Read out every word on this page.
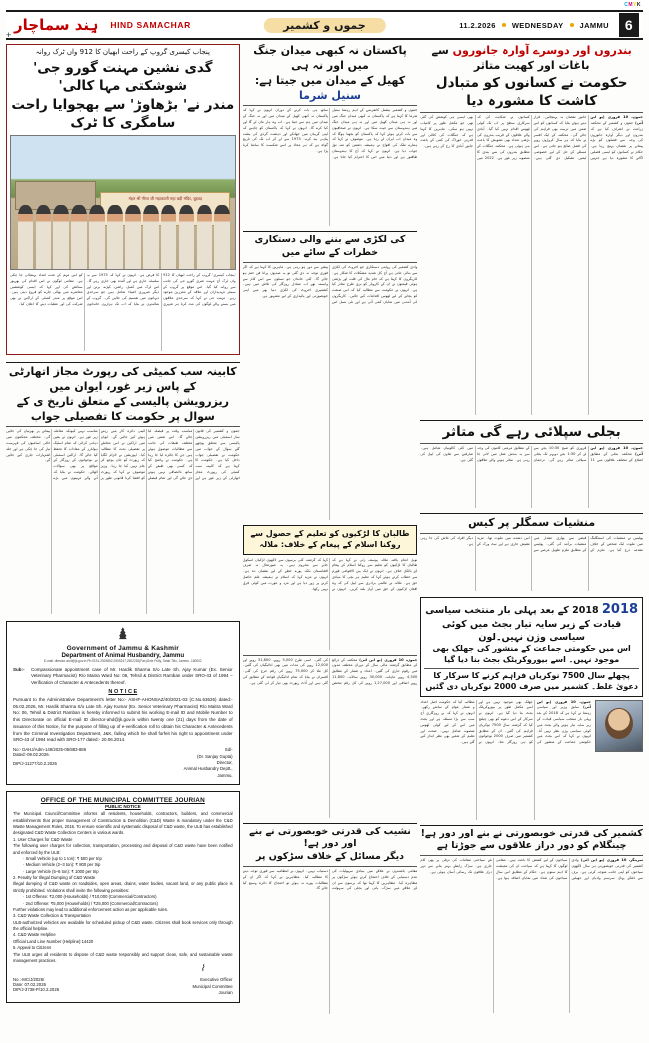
+
CMYK
ہِند سماچار HIND SAMACHAR	جموں و کشمیر	11.2.2026 WEDNESDAY JAMMU	6
پنجاب کیسری گروپ کے راحت ابھیان کا 912 واں ٹرک روانہ
گدی نشین مہنت گورو جی' شوشکتی مہا کالی'
مندر نے' بڑھاوڑ' سے بھجوایا راحت سامگری کا ٹرک
मंहत श्री गौरव जी महाकाली महा बड़ी मंदिर, बुड़वड़
'پنجاب کیسری' گروپ کے راحت ابھیان کا 912 واں ٹرک آج مہنت شری گورو جی کی جانب سے روانہ کیا گیا۔ اس موقع پر گروپ کے سینئر عہدیداران اور علاقہ کے معززین موجود رہے۔ مہنت جی نے کہا کہ سرحدی علاقوں میں بسنے والے لوگوں کی مدد کرنا ہر شہری کا فرض ہے۔ انہوں نے کہا کہ 1975 سے یہ سلسلہ جاری ہے اور آئندہ بھی جاری رہے گا۔ اس ٹرک میں کمبل، راشن، کپڑے، برتن اور دیگر ضروری اشیاء شامل ہیں جو سرحدی دیہاتوں میں تقسیم کی جائیں گی۔ گروپ کے نمائندوں نے بتایا کہ اب تک ہزاروں خاندانوں کو اس مہم کے تحت امداد پہنچائی جا چکی ہے۔ مقامی لوگوں نے اس اقدام کی بھرپور ستائش کی اور کہا کہ ایسی کوششیں معاشرے میں بھائی چارے کو فروغ دیتی ہیں۔ اس موقع پر مندر کمیٹی کے اراکین نے بھی شرکت کی اور عطیات دینے کا اعلان کیا۔
کابینہ سب کمیٹی کی رپورٹ مجاز اتھارٹی کے پاس زیر غور، ایوان میں
ریزرویشن پالیسی کے متعلق تاریخ ی کے سوال پر حکومت کا تفصیلی جواب
جموں و کشمیر کی قانون ساز اسمبلی میں ریزرویشن پالیسی سے متعلق پوچھے گئے سوال کے جواب میں حکومت نے تفصیلی جواب داخل کیا ہے۔ حکومت کا کہنا ہے کہ کابینہ سب کمیٹی کی رپورٹ مجاز اتھارٹی کے زیر غور ہے اور مناسب وقت پر فیصلہ لیا جائے گا۔ اس ضمن میں مختلف طبقات کی جانب سے مطالبات موصول ہوئے ہیں جن کا جائزہ لیا جا رہا ہے۔ حکومت نے واضح کیا کہ کسی بھی طبقے کے ساتھ ناانصافی نہیں ہونے دی جائے گی اور تمام فیصلے آئینی دائرہ کار میں رہتے ہوئے کیے جائیں گے۔ ایوان میں اراکین نے اس معاملے پر تفصیلی بحث کا مطالبہ کیا۔ اپوزیشن نے الزام لگایا کہ رپورٹ کو جان بوجھ کر عام نہیں کیا جا رہا۔ وزیر موصوف نے کہا کہ رپورٹ کو افشا کرنا قانونی طور پر مناسب نہیں کیونکہ معاملہ زیر غور ہے۔ انہوں نے یقین دہانی کرائی کہ تمام اسٹیک ہولڈرز کے مفادات کا تحفظ کیا جائے گا۔ اراکین اسمبلی نے نوجوانوں کے روزگار کے مواقع پر بھی سوالات اٹھائے۔ حکومت نے بتایا کہ آنے والے مہینوں میں بڑے پیمانے پر بھرتیاں کی جائیں گی۔ مختلف محکموں میں خالی اسامیوں کی فہرست تیار کی جا چکی ہے اور جلد اشتہارات جاری کیے جائیں گے۔
Government of Jammu & Kashmir
Department of Animal Husbandry, Jammu
E-mail: director-ahd@jk.gov.in Ph:0191-2505552,2505247,2502252(Fax)Gole Pully, Talab Tillo, Jammu -180002
Sub:-	Compassionate appointment case of Mr. Hardik Sharma S/o Late Sh. Ajay Kumar (Ex. Senior Veterinary Pharmacist) R/o Maitra Ward No: 06, Tehsil & District Ramban under SRO-43 of 1994 – Verification of Character & Antecedents thereof.
N O T I C E

Pursuant to the Administrative Department's letter No:- ASHF-AHONSAZ/40/2021-03 (C.No.63626) dated:- 05.02.2026, Mr. Hardik Sharma S/o Late Sh. Ajay Kumar (Ex. Senior Veterinary Pharmacist) R/o Maitra Ward No: 06, Tehsil & District Ramban is hereby informed to submit his working E-mail ID and Mobile Number to this Directorate on official E-mail ID director-ahd@jk.gov.in within twenty one (21) days from the date of issuance of this Notice, for the purpose of filling up of e-verification roll to obtain his Character & Antecedents from the Criminal Investigation Department, J&K, failing which he shall forfeit his right to appointment under SRO-43 of 1994 read with SRO-177 dated:- 20.06.2014.

No:- DAHJ/Adm-149/2025-05/883-886
Dated:-09.02.2026.
DIP/J-11277/10.2.2026
Sd/-
(Dr. Sanjay Gupta)
Director,
Animal Husbandry Deptt.,
Jammu.
OFFICE OF THE MUNICIPAL COMMITTEE JOURIAN
PUBLIC NOTICE
The Municipal Council/Committee informs all residents, households, contractors, builders, and commercial establishments that proper management of Construction & Demolition (C&D) Waste is mandatory under the C&D Waste Management Rules, 2016. To ensure scientific and systematic disposal of C&D waste, the ULB has established designated C&D Waste Collection Centers in various wards.
1. User Charges for C&D Waste
The following user charges for collection, transportation, processing and disposal of C&D waste have been notified and enforced by the ULB:
· Small Vehicle (up to 1 ton): ₹ 500 per trip
· Medium Vehicle (2–3 ton): ₹ 800 per trip
· Large Vehicle (5–6 ton): ₹ 1000 per trip
2. Penalty for Illegal Dumping of C&D Waste
Illegal dumping of C&D waste on roadsides, open areas, drains, water bodies, vacant land, or any public place is strictly prohibited. Violations shall invite the following penalties:
· 1st Offense: ₹2,000 (Households) / ₹10,000 (Commercial/Contractors)
· 2nd Offense: ₹5,000 (Households) / ₹25,000 (Commercial/Contractors)
Further violations may lead to additional enforcement action as per applicable rules.
3. C&D Waste Collection & Transportation
ULB-authorized vehicles are available for scheduled pickup of C&D waste. Citizens shall book services only through the official helpline.
4. C&D Waste Helpline
Official Land Line Number (Helpline):14420
5. Appeal to Citizens
The ULB urges all residents to dispose of C&D waste responsibly and support clean, safe, and sustainable waste management practices.
⌇
No.:-MC/J/2026/
Date: 07.02.2026
DIP/J-3738-P/10.2.2026
Executive Officer
Municipal Committee
Jourian
پاکستان نہ کبھی میدان جنگ میں اور نہ ہی
کھیل کے میدان میں جیتا ہے: سنیل شرما
جموں و کشمیر نیشنل کانفرنس کے اہم رہنما سنیل شرما کا کہنا ہے کہ پاکستان نہ کبھی میدان جنگ میں اور نہ ہی میدان کھیل میں اور نہ ہی میدان جنگ میں ہندوستان سے جیت سکا ہے۔ انہوں نے صحافیوں سے بات کرتے ہوئے کہا کہ پاکستان کو بجھنا ہوگا کہ وہ میدان اب ایران لے رہا ہے۔ موصوف نے کہا کہ ہمارے ملک کی افواج نے ہمیشہ دشمن کو منہ توڑ جواب دیا ہے۔ انہوں نے کہا کہ آج کا ہندوستان طاقتور ہے اور دنیا میں اس کا احترام کیا جاتا ہے۔ ساتھ ہی بات کرنے کے دوران انہوں نے کہا کہ پاکستان نہ کبھی کھیل کے میدان میں اور نہ جنگ کے میدان میں ہم سے جیتا ہے۔ اب وہ ہار مان لے گا اور کیا کرے گا۔ انہوں نے کہا کہ پاکستان کو چاہیے کہ اپنی گریبان میں جھانکے اور دہشت گردی کی پشت پناہی بند کرے۔ 1975 سے لے کر اب تک کی تاریخ گواہ ہے کہ ہر محاذ پر اسے شکست کا سامنا کرنا پڑا ہے۔
کی لکڑی سے بننے والی دستکاری خطرات کے سائے میں
وادی کشمیر کی روایتی دستکاری جو اخروٹ کی لکڑی سے بنائی جاتی ہے آج کل شدید مشکلات کا شکار ہے۔ کاریگروں کا کہنا ہے کہ خام مال کی قلت اور بڑھتی ہوئی قیمتوں نے ان کے کاروبار کو بری طرح متاثر کیا ہے۔ انہوں نے حکومت سے مطالبہ کیا کہ اس صنعت کو بچانے کے لیے ٹھوس اقدامات کیے جائیں۔ کاریگروں کی آمدنی میں نمایاں کمی آئی ہے اور نئی نسل اس پیشے سے دور ہو رہی ہے۔ ماہرین کا کہنا ہے کہ اگر فوری توجہ نہ دی گئی تو یہ صدیوں پرانا فن ختم ہو جائے گا۔ کئی خاندان جو نسلوں سے اس کام سے وابستہ تھے اب متبادل روزگار کی تلاش میں ہیں۔ کشمیری اخروٹ کی لکڑی دنیا بھر میں اپنی خوبصورتی اور پائیداری کے لیے مشہور ہے۔
طالبان کا لڑکیوں کو تعلیم کے حصول سے روکنا اسلام کے پیغام کے خلاف: ملالہ
نوبل انعام یافتہ ملالہ یوسف زئی نے کہا ہے کہ طالبان کا لڑکیوں کو تعلیم سے روکنا اسلام کے پیغام کے بالکل خلاف ہے۔ انہوں نے ایک بین الاقوامی فورم سے خطاب کرتے ہوئے کہا کہ تعلیم ہر بچی کا بنیادی حق ہے۔ ملالہ نے عالمی برادری سے اپیل کی کہ وہ افغان لڑکیوں کے حق میں آواز بلند کریں۔ انہوں نے کہا کہ گزشتہ کئی برسوں سے لاکھوں لڑکیاں اسکول جانے سے محروم ہیں۔ یہ صورتحال نہ صرف افغانستان بلکہ پورے خطے کے لیے نقصان دہ ہے۔ انہوں نے مزید کہا کہ اسلام نے ہمیشہ علم حاصل کرنے پر زور دیا ہے اور مرد و عورت میں کوئی فرق نہیں رکھا۔
جموں، 10 فروری (یو این آئی) محکمہ کے ذرائع کے مطابق گزشتہ مالی سال کے دوران مختلف مدوں میں رقوم جاری کی گئیں۔ اعداد و شمار کے مطابق 4,500 روپے ماہانہ، 30,000 روپے سالانہ، 11,800 روپے اضافی اور 1,27,000 روپے کی کل رقم مختص کی گئی۔ اسی طرح 5,000 روپے، 31,800 روپے اور 12,000 روپے کی مدات میں بھی ادائیگیاں کی گئیں۔ کل ملا کر 75,000 روپے کی رقم خرچ کی گئی۔ افسران نے بتایا کہ تمام ادائیگیاں قواعد کے مطابق کی گئی ہیں اور آڈٹ رپورٹ بھی تیار کر لی گئی ہے۔
نشیب کی قدرتی خوبصورتی نے بنے اور دور ہے!
دیگر مسائل کے خلاف سڑکوں پر
مقامی باشندوں نے علاقے میں بنیادی سہولیات کی عدم دستیابی کے خلاف احتجاج کرتے ہوئے سڑکوں پر مظاہرہ کیا۔ مظاہرین کا کہنا تھا کہ برسوں سے ان کے علاقے میں سڑک، پانی اور بجلی کی سہولت دستیاب نہیں۔ انہوں نے انتظامیہ سے فوری توجہ دینے کا مطالبہ کیا۔ مظاہرین نے کہا کہ اگر ان کے مطالبات پورے نہ ہوئے تو احتجاج کا دائرہ وسیع کیا جائے گا۔
بندروں اور دوسرے آوارہ جانوروں سے باغات اور کھیت متاثر
حکومت نے کسانوں کو متبادل کاشت کا مشورہ دیا
جموں، 10 فروری (یو این آئی) جموں و کشمیر کے محکمہ زراعت نے اعتراف کیا ہے کہ بندروں اور دیگر آوارہ جانوروں کی وجہ سے فصلوں کو بڑے پیمانے پر نقصان پہنچ رہا ہے۔ حکام نے کسانوں کو ایسی فصلیں اگانے کا مشورہ دیا ہے جنہیں جانور نقصان نہ پہنچائیں۔ قرار دیتے ہوئے بتایا کہ کسانوں کو اس ضمن میں تربیت بھی فراہم کی جائے گی۔ محکمہ کے ایک افسر نے بتایا کہ ہر سال کروڑوں روپے کی فصل ضائع ہو جاتی ہے۔ اس مسئلے کے حل کے لیے خصوصی ٹیمیں تشکیل دی گئی ہیں۔ کسانوں نے شکایت کی کہ سرکاری سطح پر اب تک کوئی ٹھوس اقدام نہیں کیا گیا۔ آبادی والے علاقوں کے قریب بندروں کی بڑھتی تعداد بھی تشویش کا باعث بنی ہوئی ہے۔ محکمہ جنگلات کے مطابق بندروں کی نس بندی کا منصوبہ زیر غور ہے۔ 2022 میں بھی ایسی ہی کوشش کی گئی تھی جو مکمل طور پر کامیاب نہیں ہو سکی۔ ماہرین کا کہنا ہے کہ جنگلات کی کٹائی اور قدرتی خوراک کی کمی کے باعث جانور آبادی کا رخ کر رہے ہیں۔
بجلی سپلائی رہے گی متاثر
جموں، 10 فروری (یو این آئی) محکمہ بجلی کے مطابق اضلاع کے مختلف علاقوں میں 11 فروری کو صبح 10:30 بجے سے لے کر 1:30 بجے دوپہر تک بجلی سپلائی متاثر رہے گی۔ ترجمان کے مطابق مرمتی کاموں کی وجہ سے یہ بندش عمل میں لائی جا رہی ہے۔ متاثر ہونے والے علاقوں میں کئی کالونیاں شامل ہیں۔ صارفین سے تعاون کی اپیل کی گئی ہے۔
منشیات سمگلر پر کیس
پولیس نے منشیات کی اسمگلنگ میں ملوث ایک شخص کے خلاف مقدمہ درج کیا ہے۔ ملزم کے قبضے سے بھاری مقدار میں منشیات برآمد کی گئی۔ پولیس کے مطابق ملزم طویل عرصے سے اس دھندے میں ملوث تھا۔ مزید تفتیش جاری ہے اور نیٹ ورک کے دیگر افراد کی تلاش کی جا رہی ہے۔
2018 2018 کے بعد پہلی بار منتخب سیاسی قیادت کے زیر سایہ تیار بجٹ میں کوئی سیاسی وژن نہیں۔لون
اس میں حکومتی جماعت کے منشور کی جھلک بھی موجود نہیں۔ اسے بیوروکریٹک بجٹ بنا دیا گیا
پچھلے سال 7500 نوکریاں فراہم کرنے کا سرکار کا دعویٰ غلط۔ کشمیر میں صرف 2000 نوکریاں دی گئیں
جموں، 10 فروری (یو این آئی) سابق وزیر اور سیاسی رہنما نے کہا ہے کہ 2018 کے بعد پہلی بار منتخب سیاسی قیادت کے زیر سایہ تیار ہونے والے بجٹ میں کوئی سیاسی وژن نظر نہیں آتا۔ انہوں نے کہا کہ اس بجٹ میں حکومتی جماعت کے منشور کی جھلک بھی موجود نہیں ہے اور اسے مکمل طور پر بیوروکریٹک بجٹ بنا دیا گیا ہے۔ انہوں نے سرکار کے اس دعوے کو بھی چیلنج کیا کہ گزشتہ سال 7500 نوکریاں فراہم کی گئیں۔ ان کے مطابق کشمیر میں صرف 2000 نوجوانوں کو ہی روزگار ملا۔ انہوں نے مطالبہ کیا کہ حکومت اصل اعداد و شمار عوام کے سامنے رکھے۔ انہوں نے کہا کہ بے روزگاری آج سب سے بڑا مسئلہ ہے اور بجٹ میں اس کے لیے کوئی ٹھوس منصوبہ شامل نہیں۔ صحت اور تعلیم کے شعبے بھی نظر انداز کیے گئے ہیں۔
کشمیر کی قدرتی خوبصورتی نے بنے اور دور ہے!
چینگلام کو دور دراز علاقوں سے جوڑتا ہے
سرینگر، 10 فروری (یو این آئی) وادی کشمیر کی قدرتی خوبصورتی ہر سال لاکھوں سیاحوں کو اپنی جانب متوجہ کرتی ہے۔ برف سے ڈھکے پہاڑ، سرسبز وادیاں اور جھیلیں سیاحوں کے لیے کشش کا باعث ہیں۔ مقامی لوگوں کا کہنا ہے کہ سیاحت ان کی معیشت کا اہم ستون ہے۔ حکام کے مطابق اس سال سیاحوں کی تعداد میں نمایاں اضافہ ہوا ہے۔ نئے سیاحتی مقامات کی ترقی پر بھی کام جاری ہے۔ سڑک رابطے بہتر بنانے سے دور دراز علاقوں تک رسائی آسان ہوئی ہے۔
